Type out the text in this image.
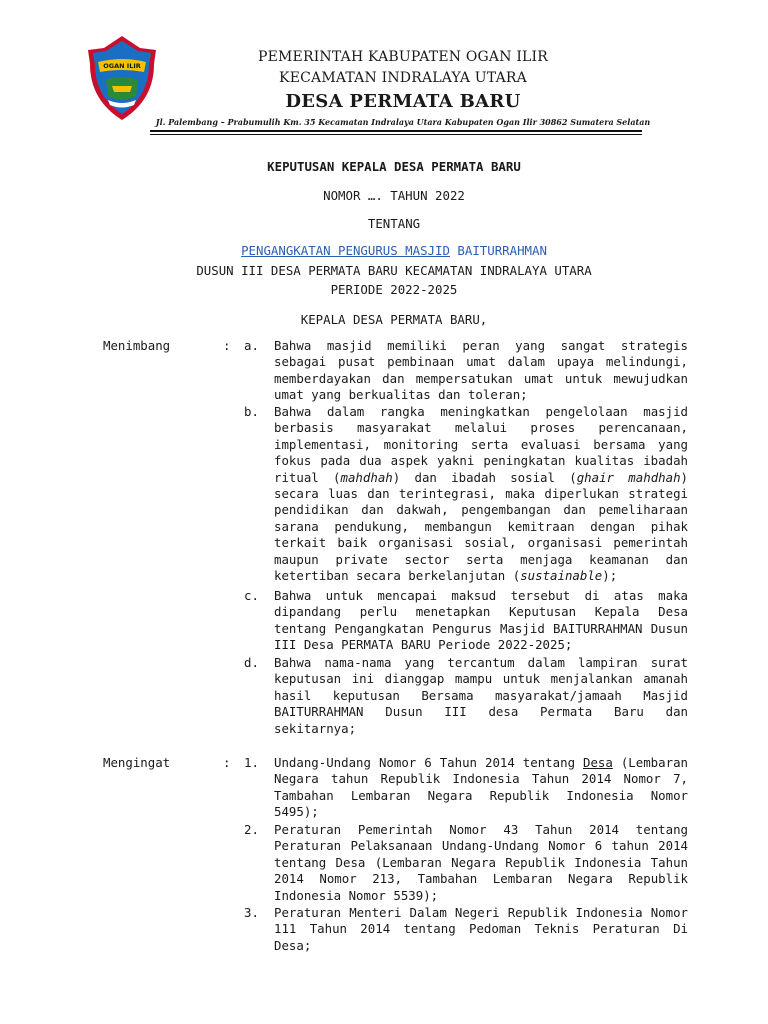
OGAN ILIR
PEMERINTAH KABUPATEN OGAN ILIR
KECAMATAN INDRALAYA UTARA
DESA PERMATA BARU
Jl. Palembang – Prabumulih Km. 35 Kecamatan Indralaya Utara Kabupaten Ogan Ilir 30862 Sumatera Selatan
KEPUTUSAN KEPALA DESA PERMATA BARU
NOMOR …. TAHUN 2022
TENTANG
PENGANGKATAN PENGURUS MASJID BAITURRAHMAN
DUSUN III DESA PERMATA BARU KECAMATAN INDRALAYA UTARA
PERIODE 2022-2025
KEPALA DESA PERMATA BARU,
Menimbang	: a. Bahwa masjid memiliki peran yang sangat strategis sebagai pusat pembinaan umat dalam upaya melindungi, memberdayakan dan mempersatukan umat untuk mewujudkan umat yang berkualitas dan toleran;
b. Bahwa dalam rangka meningkatkan pengelolaan masjid berbasis masyarakat melalui proses perencanaan, implementasi, monitoring serta evaluasi bersama yang fokus pada dua aspek yakni peningkatan kualitas ibadah ritual (mahdhah) dan ibadah sosial (ghair mahdhah) secara luas dan terintegrasi, maka diperlukan strategi pendidikan dan dakwah, pengembangan dan pemeliharaan sarana pendukung, membangun kemitraan dengan pihak terkait baik organisasi sosial, organisasi pemerintah maupun private sector serta menjaga keamanan dan ketertiban secara berkelanjutan (sustainable);
c. Bahwa untuk mencapai maksud tersebut di atas maka dipandang perlu menetapkan Keputusan Kepala Desa tentang Pengangkatan Pengurus Masjid BAITURRAHMAN Dusun III Desa PERMATA BARU Periode 2022-2025;
d. Bahwa nama-nama yang tercantum dalam lampiran surat keputusan ini dianggap mampu untuk menjalankan amanah hasil keputusan Bersama masyarakat/jamaah Masjid BAITURRAHMAN Dusun III desa Permata Baru dan sekitarnya;
Mengingat	: 1. Undang-Undang Nomor 6 Tahun 2014 tentang Desa (Lembaran Negara tahun Republik Indonesia Tahun 2014 Nomor 7, Tambahan Lembaran Negara Republik Indonesia Nomor 5495);
2. Peraturan Pemerintah Nomor 43 Tahun 2014 tentang Peraturan Pelaksanaan Undang-Undang Nomor 6 tahun 2014 tentang Desa (Lembaran Negara Republik Indonesia Tahun 2014 Nomor 213, Tambahan Lembaran Negara Republik Indonesia Nomor 5539);
3. Peraturan Menteri Dalam Negeri Republik Indonesia Nomor 111 Tahun 2014 tentang Pedoman Teknis Peraturan Di Desa;
